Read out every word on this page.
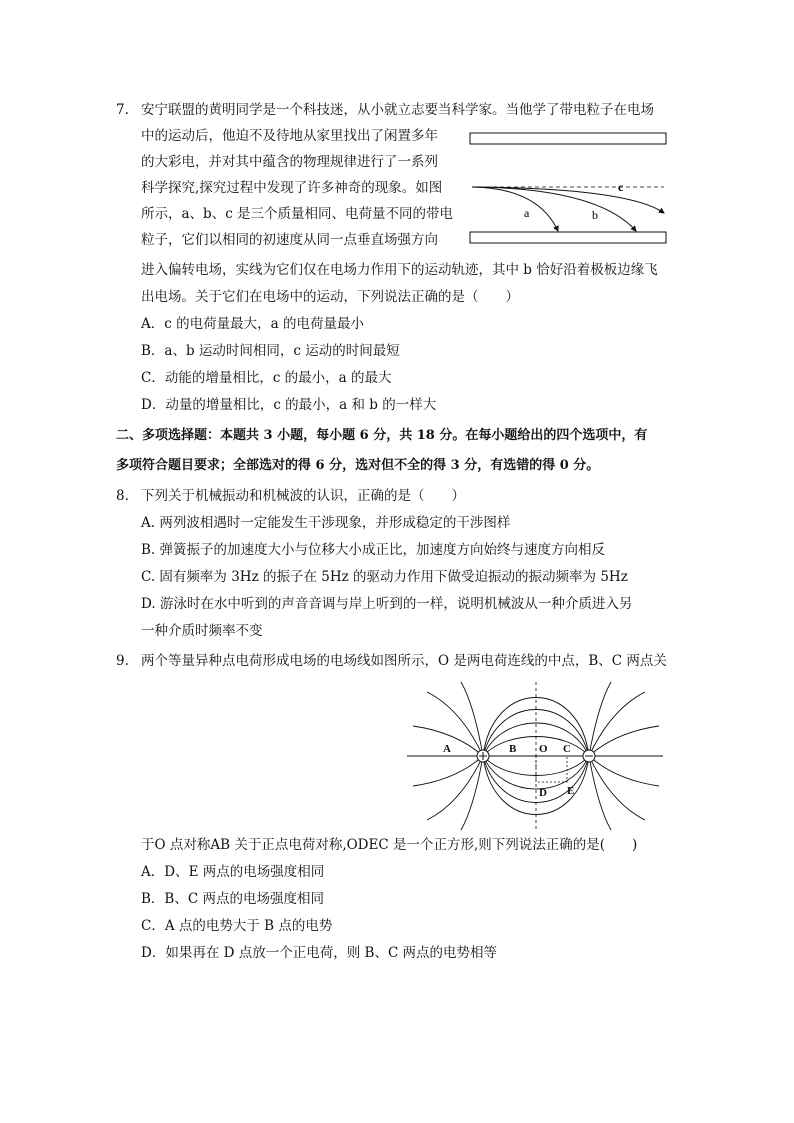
7. 安宁联盟的黄明同学是一个科技迷，从小就立志要当科学家。当他学了带电粒子在电场
中的运动后，他迫不及待地从家里找出了闲置多年
的大彩电，并对其中蕴含的物理规律进行了一系列
科学探究,探究过程中发现了许多神奇的现象。如图
所示，a、b、c 是三个质量相同、电荷量不同的带电
粒子，它们以相同的初速度从同一点垂直场强方向
进入偏转电场，实线为它们仅在电场力作用下的运动轨迹，其中 b 恰好沿着极板边缘飞
出电场。关于它们在电场中的运动，下列说法正确的是（　　）
a	b
c
A．c 的电荷量最大，a 的电荷量最小
B．a、b 运动时间相同，c 运动的时间最短
C．动能的增量相比，c 的最小，a 的最大
D．动量的增量相比，c 的最小，a 和 b 的一样大
二、多项选择题：本题共 3 小题，每小题 6 分，共 18 分。在每小题给出的四个选项中，有
多项符合题目要求；全部选对的得 6 分，选对但不全的得 3 分，有选错的得 0 分。
8. 下列关于机械振动和机械波的认识，正确的是（　　）
A. 两列波相遇时一定能发生干涉现象，并形成稳定的干涉图样
B. 弹簧振子的加速度大小与位移大小成正比，加速度方向始终与速度方向相反
C. 固有频率为 3Hz 的振子在 5Hz 的驱动力作用下做受迫振动的振动频率为 5Hz
D. 游泳时在水中听到的声音音调与岸上听到的一样，说明机械波从一种介质进入另
一种介质时频率不变
9. 两个等量异种点电荷形成电场的电场线如图所示，O 是两电荷连线的中点，B、C 两点关
A	B O C
D E
于O 点对称AB 关于正点电荷对称,ODEC 是一个正方形,则下列说法正确的是(　　)
A．D、E 两点的电场强度相同
B．B、C 两点的电场强度相同
C．A 点的电势大于 B 点的电势
D．如果再在 D 点放一个正电荷，则 B、C 两点的电势相等
